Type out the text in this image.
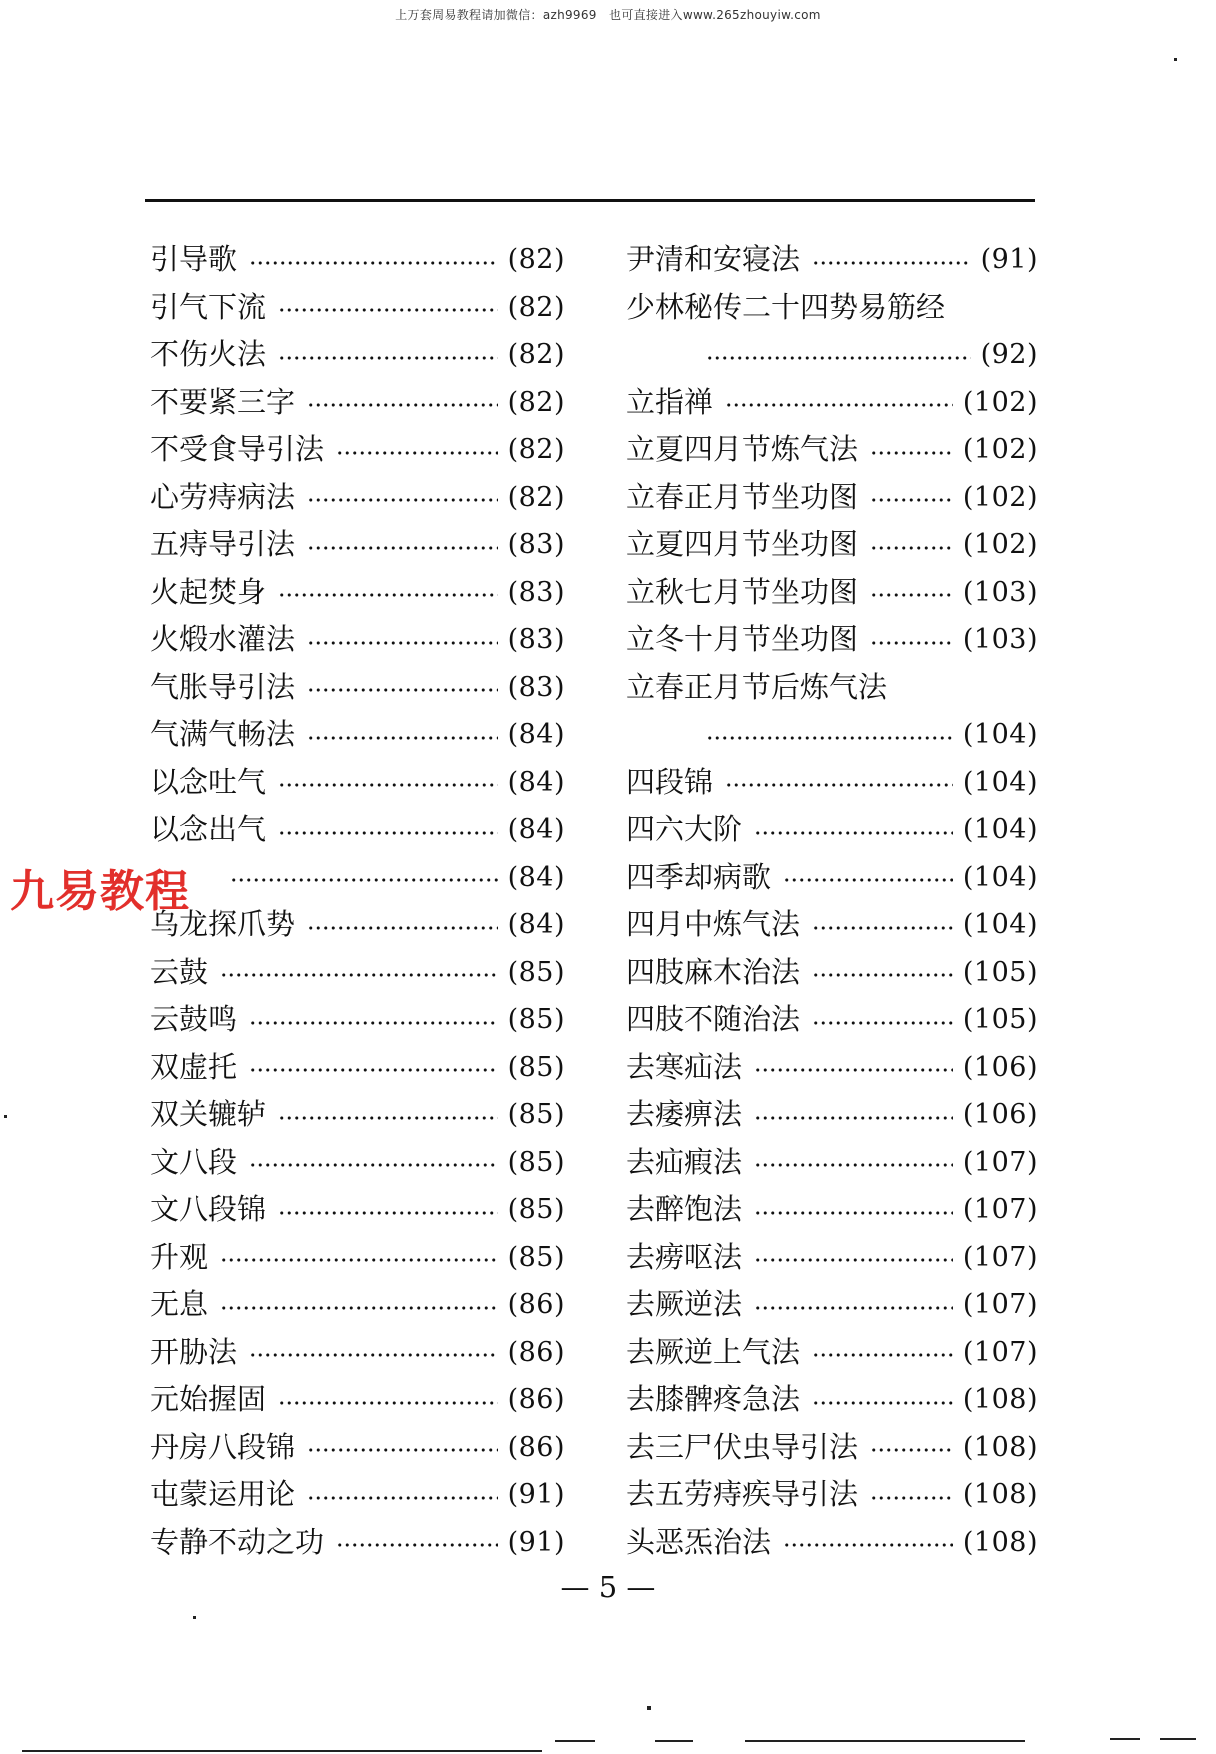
上万套周易教程请加微信：azh9969　也可直接进入www.265zhouyiw.com
引导歌	(82)
引气下流	(82)
不伤火法	(82)
不要紧三字	(82)
不受食导引法	(82)
心劳痔病法	(82)
五痔导引法	(83)
火起焚身	(83)
火煅水灌法	(83)
气胀导引法	(83)
气满气畅法	(84)
以念吐气	(84)
以念出气	(84)
(84)
乌龙探爪势	(84)
云鼓	(85)
云鼓鸣	(85)
双虚托	(85)
双关辘轳	(85)
文八段	(85)
文八段锦	(85)
升观	(85)
无息	(86)
开胁法	(86)
元始握固	(86)
丹房八段锦	(86)
屯蒙运用论	(91)
专静不动之功	(91)
尹清和安寝法	(91)
少林秘传二十四势易筋经
(92)
立指禅	(102)
立夏四月节炼气法	(102)
立春正月节坐功图	(102)
立夏四月节坐功图	(102)
立秋七月节坐功图	(103)
立冬十月节坐功图	(103)
立春正月节后炼气法
(104)
四段锦	(104)
四六大阶	(104)
四季却病歌	(104)
四月中炼气法	(104)
四肢麻木治法	(105)
四肢不随治法	(105)
去寒疝法	(106)
去痿痹法	(106)
去疝瘕法	(107)
去醉饱法	(107)
去痨呕法	(107)
去厥逆法	(107)
去厥逆上气法	(107)
去膝髀疼急法	(108)
去三尸伏虫导引法	(108)
去五劳痔疾导引法	(108)
头恶炁治法	(108)
九易教程
— 5 —
